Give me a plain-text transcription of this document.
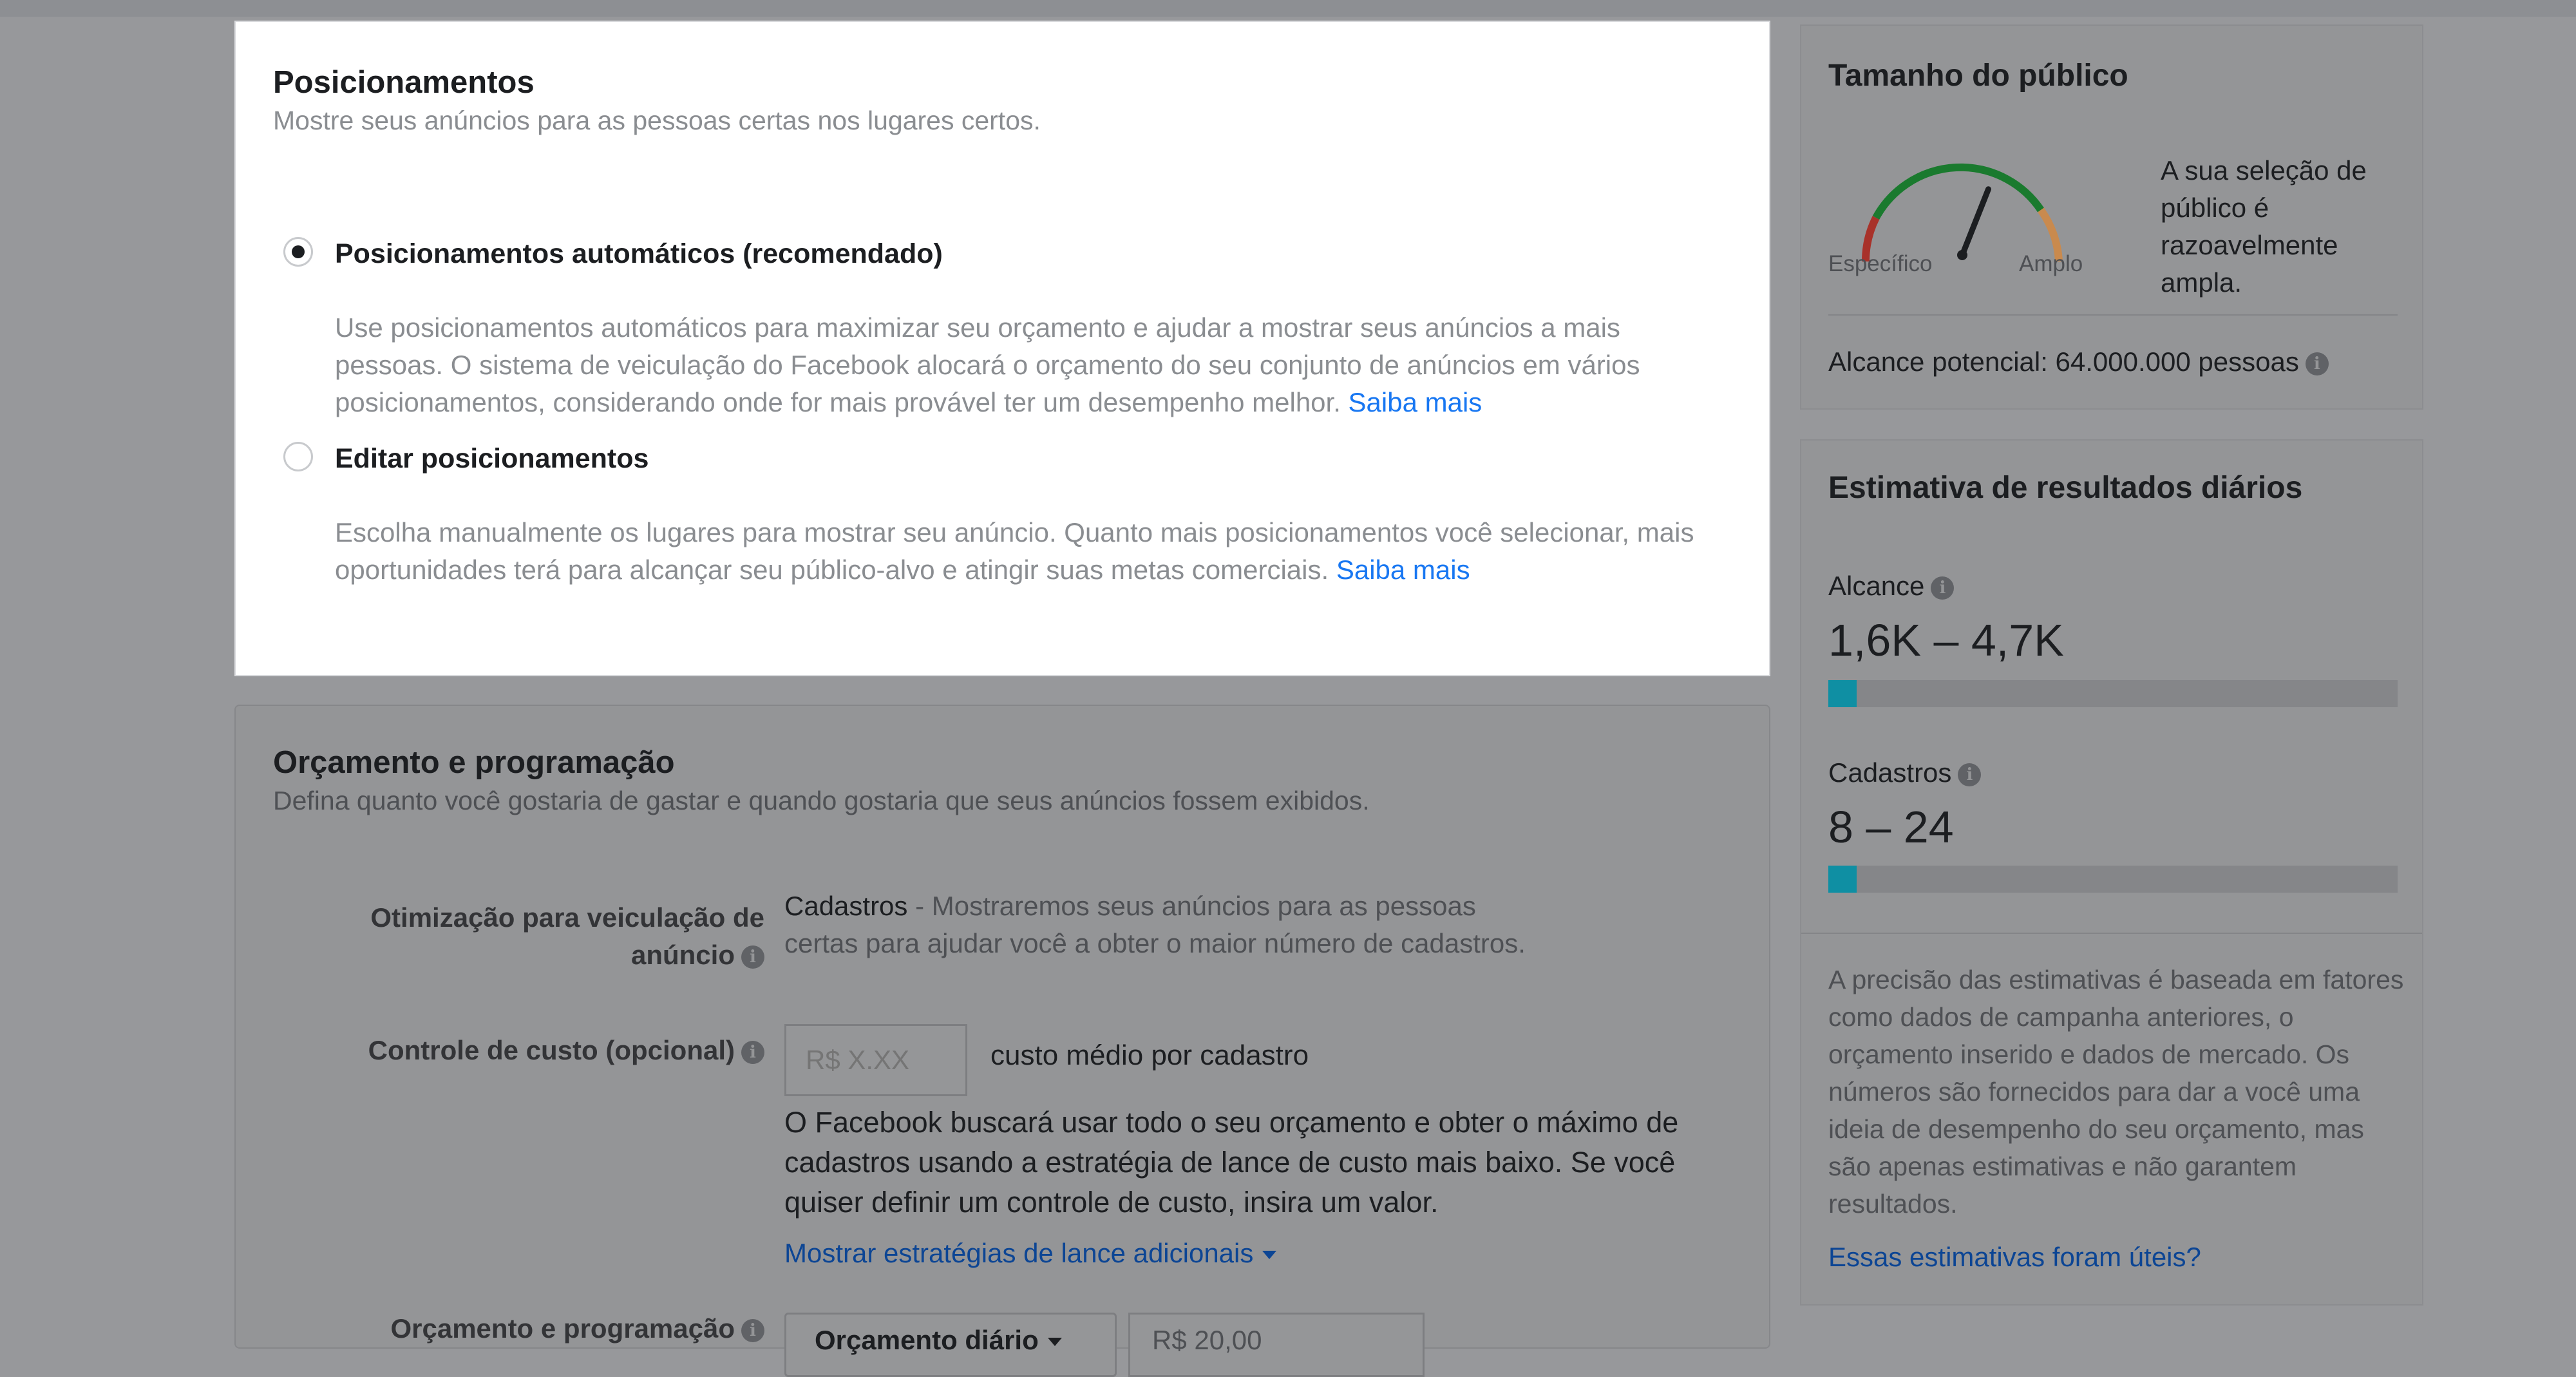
Posicionamentos
Mostre seus anúncios para as pessoas certas nos lugares certos.
Posicionamentos automáticos (recomendado)
Use posicionamentos automáticos para maximizar seu orçamento e ajudar a mostrar seus anúncios a mais pessoas. O sistema de veiculação do Facebook alocará o orçamento do seu conjunto de anúncios em vários posicionamentos, considerando onde for mais provável ter um desempenho melhor. Saiba mais
Editar posicionamentos
Escolha manualmente os lugares para mostrar seu anúncio. Quanto mais posicionamentos você selecionar, mais oportunidades terá para alcançar seu público-alvo e atingir suas metas comerciais. Saiba mais
Orçamento e programação
Defina quanto você gostaria de gastar e quando gostaria que seus anúncios fossem exibidos.
Otimização para veiculação de
anúncio i
Cadastros - Mostraremos seus anúncios para as pessoas
certas para ajudar você a obter o maior número de cadastros.
Controle de custo (opcional) i
R$ X.XX	custo médio por cadastro
O Facebook buscará usar todo o seu orçamento e obter o máximo de cadastros usando a estratégia de lance de custo mais baixo. Se você quiser definir um controle de custo, insira um valor.
Mostrar estratégias de lance adicionais
Orçamento e programação i	Orçamento diário	R$ 20,00
Tamanho do público
Específico	Amplo
A sua seleção de público é razoavelmente ampla.
Alcance potencial: 64.000.000 pessoas i
Estimativa de resultados diários
Alcance i
1,6K – 4,7K
Cadastros i
8 – 24
A precisão das estimativas é baseada em fatores como dados de campanha anteriores, o orçamento inserido e dados de mercado. Os números são fornecidos para dar a você uma ideia de desempenho do seu orçamento, mas são apenas estimativas e não garantem resultados.
Essas estimativas foram úteis?
